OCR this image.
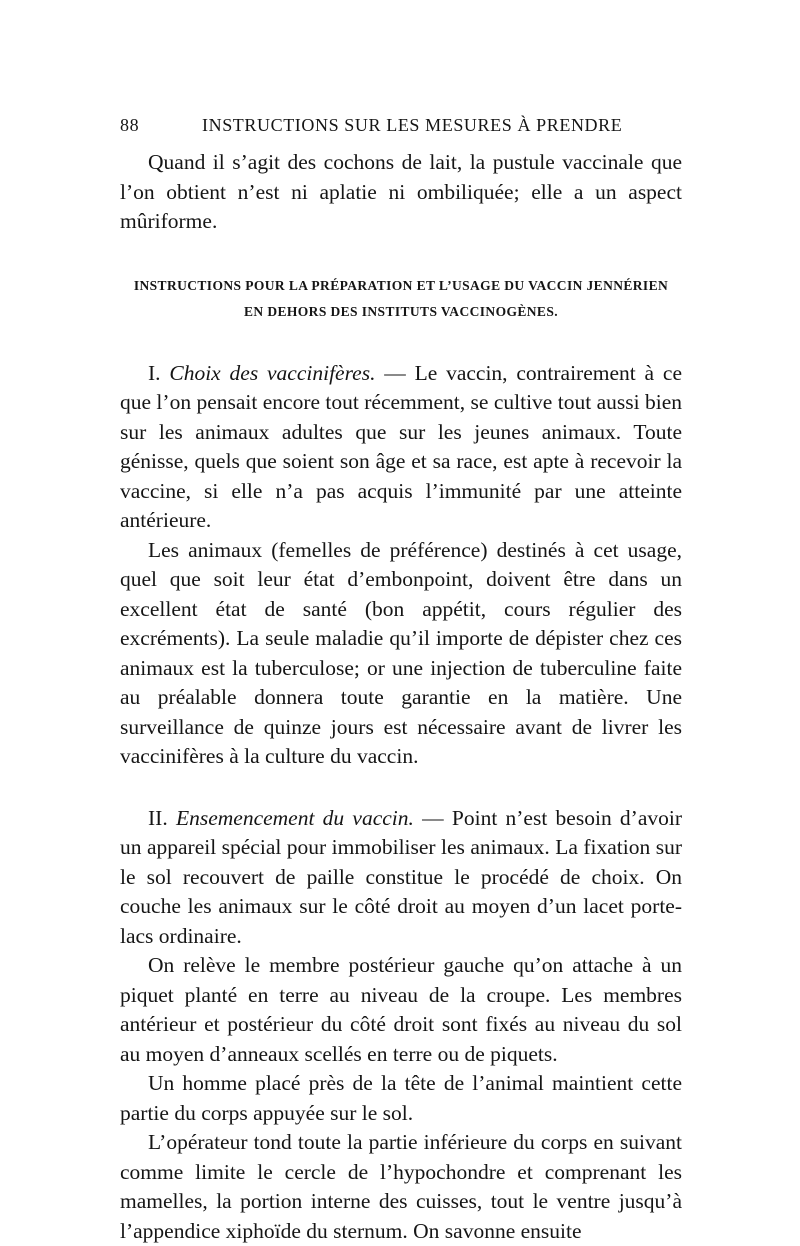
88	INSTRUCTIONS SUR LES MESURES À PRENDRE

Quand il s’agit des cochons de lait, la pustule vaccinale que l’on obtient n’est ni aplatie ni ombiliquée; elle a un aspect mûriforme.

INSTRUCTIONS POUR LA PRÉPARATION ET L’USAGE DU VACCIN JENNÉRIEN
EN DEHORS DES INSTITUTS VACCINOGÈNES.

I. Choix des vaccinifères. — Le vaccin, contrairement à ce que l’on pensait encore tout récemment, se cultive tout aussi bien sur les animaux adultes que sur les jeunes animaux. Toute génisse, quels que soient son âge et sa race, est apte à recevoir la vaccine, si elle n’a pas acquis l’immunité par une atteinte antérieure.

Les animaux (femelles de préférence) destinés à cet usage, quel que soit leur état d’embonpoint, doivent être dans un excellent état de santé (bon appétit, cours régulier des excréments). La seule maladie qu’il importe de dépister chez ces animaux est la tuberculose; or une injection de tuberculine faite au préalable donnera toute garantie en la matière. Une surveillance de quinze jours est nécessaire avant de livrer les vaccinifères à la culture du vaccin.

II. Ensemencement du vaccin. — Point n’est besoin d’avoir un appareil spécial pour immobiliser les animaux. La fixation sur le sol recouvert de paille constitue le procédé de choix. On couche les animaux sur le côté droit au moyen d’un lacet porte-lacs ordinaire.

On relève le membre postérieur gauche qu’on attache à un piquet planté en terre au niveau de la croupe. Les membres antérieur et postérieur du côté droit sont fixés au niveau du sol au moyen d’anneaux scellés en terre ou de piquets.

Un homme placé près de la tête de l’animal maintient cette partie du corps appuyée sur le sol.

L’opérateur tond toute la partie inférieure du corps en suivant comme limite le cercle de l’hypochondre et comprenant les mamelles, la portion interne des cuisses, tout le ventre jusqu’à l’appendice xiphoïde du sternum. On savonne ensuite
